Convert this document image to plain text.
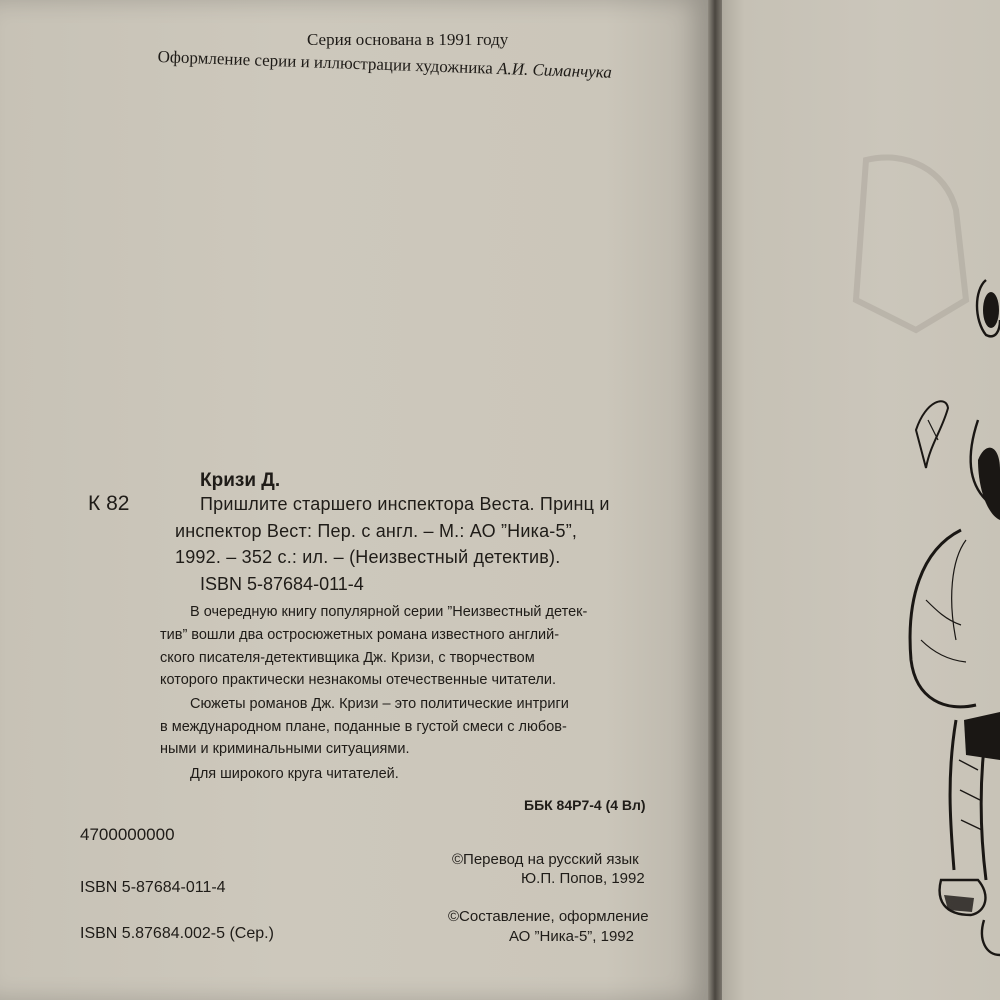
Серия основана в 1991 году
Оформление серии и иллюстрации художника А.И. Симанчука
К 82
Кризи Д.
Пришлите старшего инспектора Веста. Принц и
инспектор Вест: Пер. с англ. – М.: АО ”Ника-5”,
1992. – 352 с.: ил. – (Неизвестный детектив).
ISBN 5-87684-011-4
В очередную книгу популярной серии ”Неизвестный детек-
тив” вошли два остросюжетных романа известного англий-
ского писателя-детективщика Дж. Кризи, с творчеством
которого практически незнакомы отечественные читатели.
Сюжеты романов Дж. Кризи – это политические интриги
в международном плане, поданные в густой смеси с любов-
ными и криминальными ситуациями.
Для широкого круга читателей.
ББК 84Р7-4 (4 Вл)
4700000000
©Перевод на русский язык
Ю.П. Попов, 1992
©Составление, оформление
АО ”Ника-5”, 1992
ISBN 5-87684-011-4
ISBN 5.87684.002-5 (Сер.)
